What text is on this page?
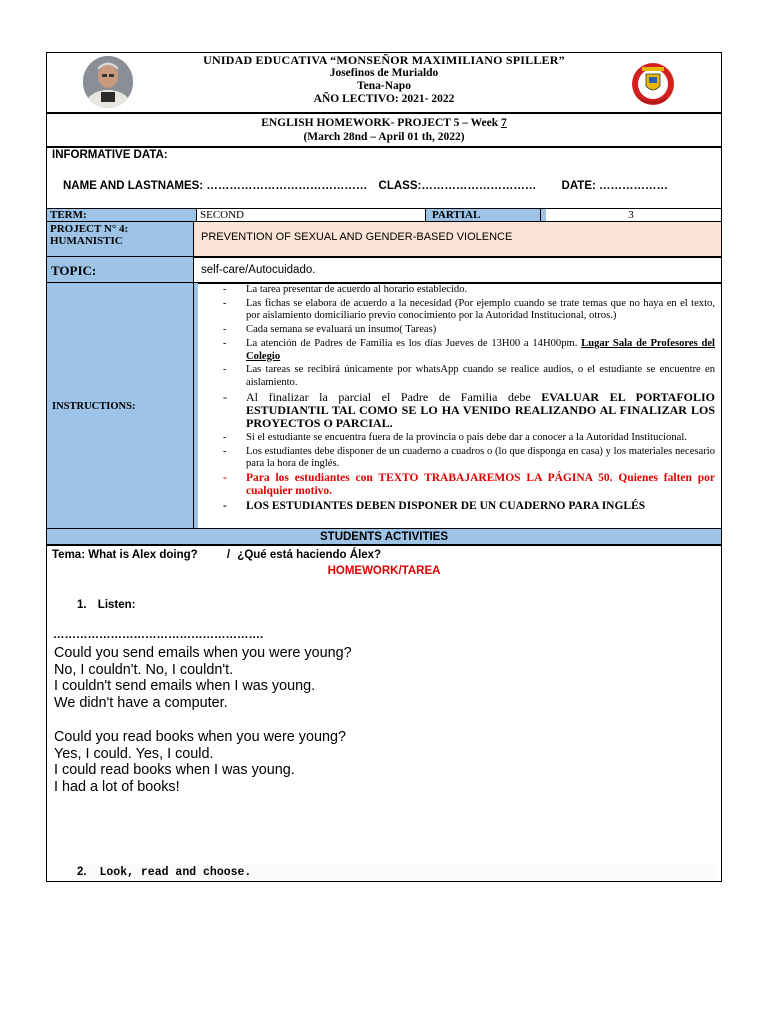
UNIDAD EDUCATIVA “MONSEÑOR MAXIMILIANO SPILLER”
Josefinos de Murialdo
Tena-Napo
AÑO LECTIVO: 2021- 2022
ENGLISH HOMEWORK- PROJECT 5 – Week 7
(March 28nd – April 01 th, 2022)
INFORMATIVE DATA:
NAME AND LASTNAMES: …………………………………… CLASS:………………………… DATE: ………………
TERM:	SECOND	PARTIAL	3
PROJECT N° 4:
HUMANISTIC	PREVENTION OF SEXUAL AND GENDER-BASED VIOLENCE
TOPIC:	self-care/Autocuidado.
INSTRUCTIONS:
- La tarea presentar de acuerdo al horario establecido.
- Las fichas se elabora de acuerdo a la necesidad (Por ejemplo cuando se trate temas que no haya en el texto, por aislamiento domiciliario previo conocimiento por la Autoridad Institucional, otros.)
- Cada semana se evaluará un insumo( Tareas)
- La atención de Padres de Familia es los días Jueves de 13H00 a 14H00pm. Lugar Sala de Profesores del Colegio
- Las tareas se recibirá únicamente por whatsApp cuando se realice audios, o el estudiante se encuentre en aislamiento.
- Al finalizar la parcial el Padre de Familia debe EVALUAR EL PORTAFOLIO ESTUDIANTIL TAL COMO SE LO HA VENIDO REALIZANDO AL FINALIZAR LOS PROYECTOS O PARCIAL.
- Si el estudiante se encuentra fuera de la provincia o país debe dar a conocer a la Autoridad Institucional.
- Los estudiantes debe disponer de un cuaderno a cuadros o (lo que disponga en casa) y los materiales necesario para la hora de inglés.
- Para los estudiantes con TEXTO TRABAJAREMOS LA PÁGINA 50. Quienes falten por cualquier motivo.
- LOS ESTUDIANTES DEBEN DISPONER DE UN CUADERNO PARA INGLÉS
STUDENTS ACTIVITIES
Tema: What is Alex doing?	/ ¿Qué está haciendo Álex?
HOMEWORK/TAREA
1. Listen:
……………………………………………….
Could you send emails when you were young?
No, I couldn't. No, I couldn't.
I couldn't send emails when I was young.
We didn't have a computer.
Could you read books when you were young?
Yes, I could. Yes, I could.
I could read books when I was young.
I had a lot of books!
2. Look, read and choose.
